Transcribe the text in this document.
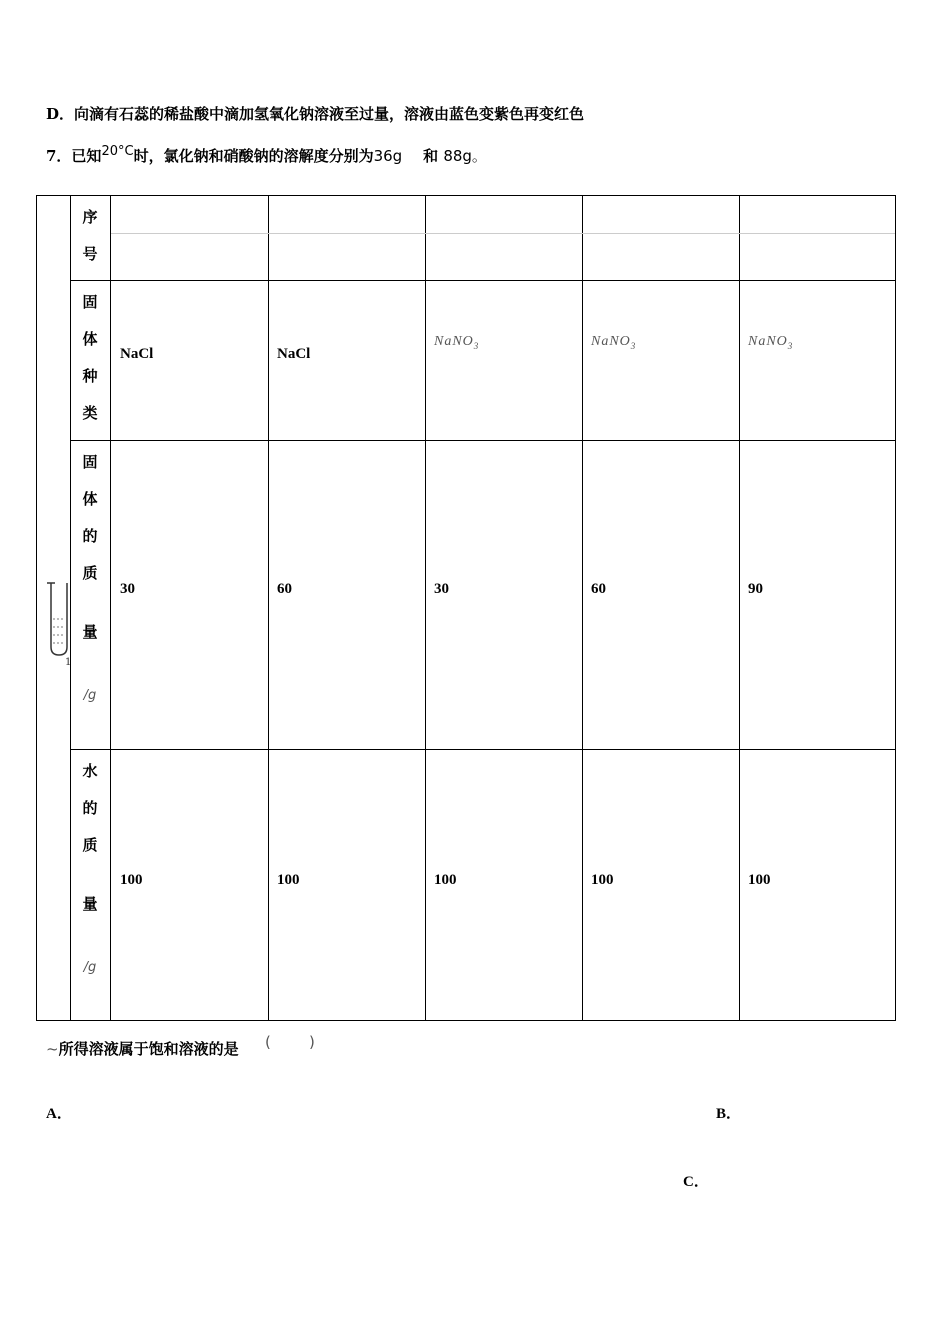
D．向滴有石蕊的稀盐酸中滴加氢氧化钠溶液至过量，溶液由蓝色变紫色再变红色
7．已知20°C时，氯化钠和硝酸钠的溶解度分别为36g 和 88g。
1
序
号
固
体
种
类
固
体
的
质
量
/g
水
的
质
量
/g
NaCl
30
100
NaCl
60
100
NaNO$_3$
30
100
NaNO$_3$
60
100
NaNO$_3$
90
100
~所得溶液属于饱和溶液的是 (        )
A．	B．
C．
